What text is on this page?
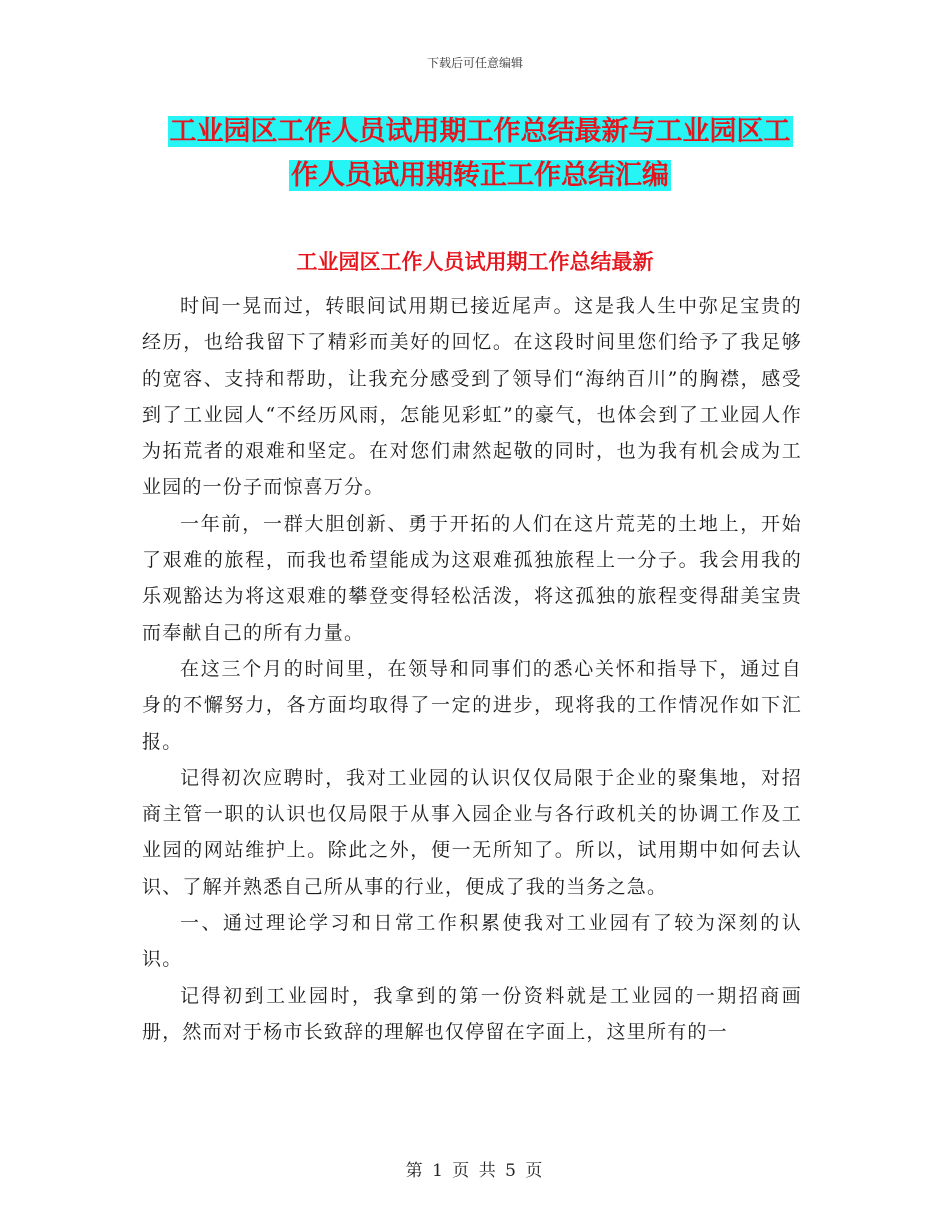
下载后可任意编辑
工业园区工作人员试用期工作总结最新与工业园区工
作人员试用期转正工作总结汇编
工业园区工作人员试用期工作总结最新

时间一晃而过，转眼间试用期已接近尾声。这是我人生中弥足宝贵的经历，也给我留下了精彩而美好的回忆。在这段时间里您们给予了我足够的宽容、支持和帮助，让我充分感受到了领导们“海纳百川”的胸襟，感受到了工业园人“不经历风雨，怎能见彩虹”的豪气，也体会到了工业园人作为拓荒者的艰难和坚定。在对您们肃然起敬的同时，也为我有机会成为工业园的一份子而惊喜万分。

一年前，一群大胆创新、勇于开拓的人们在这片荒芜的土地上，开始了艰难的旅程，而我也希望能成为这艰难孤独旅程上一分子。我会用我的乐观豁达为将这艰难的攀登变得轻松活泼，将这孤独的旅程变得甜美宝贵而奉献自己的所有力量。

在这三个月的时间里，在领导和同事们的悉心关怀和指导下，通过自身的不懈努力，各方面均取得了一定的进步，现将我的工作情况作如下汇报。

记得初次应聘时，我对工业园的认识仅仅局限于企业的聚集地，对招商主管一职的认识也仅局限于从事入园企业与各行政机关的协调工作及工业园的网站维护上。除此之外，便一无所知了。所以，试用期中如何去认识、了解并熟悉自己所从事的行业，便成了我的当务之急。

一、通过理论学习和日常工作积累使我对工业园有了较为深刻的认识。

记得初到工业园时，我拿到的第一份资料就是工业园的一期招商画册，然而对于杨市长致辞的理解也仅停留在字面上，这里所有的一

第 1 页 共 5 页
